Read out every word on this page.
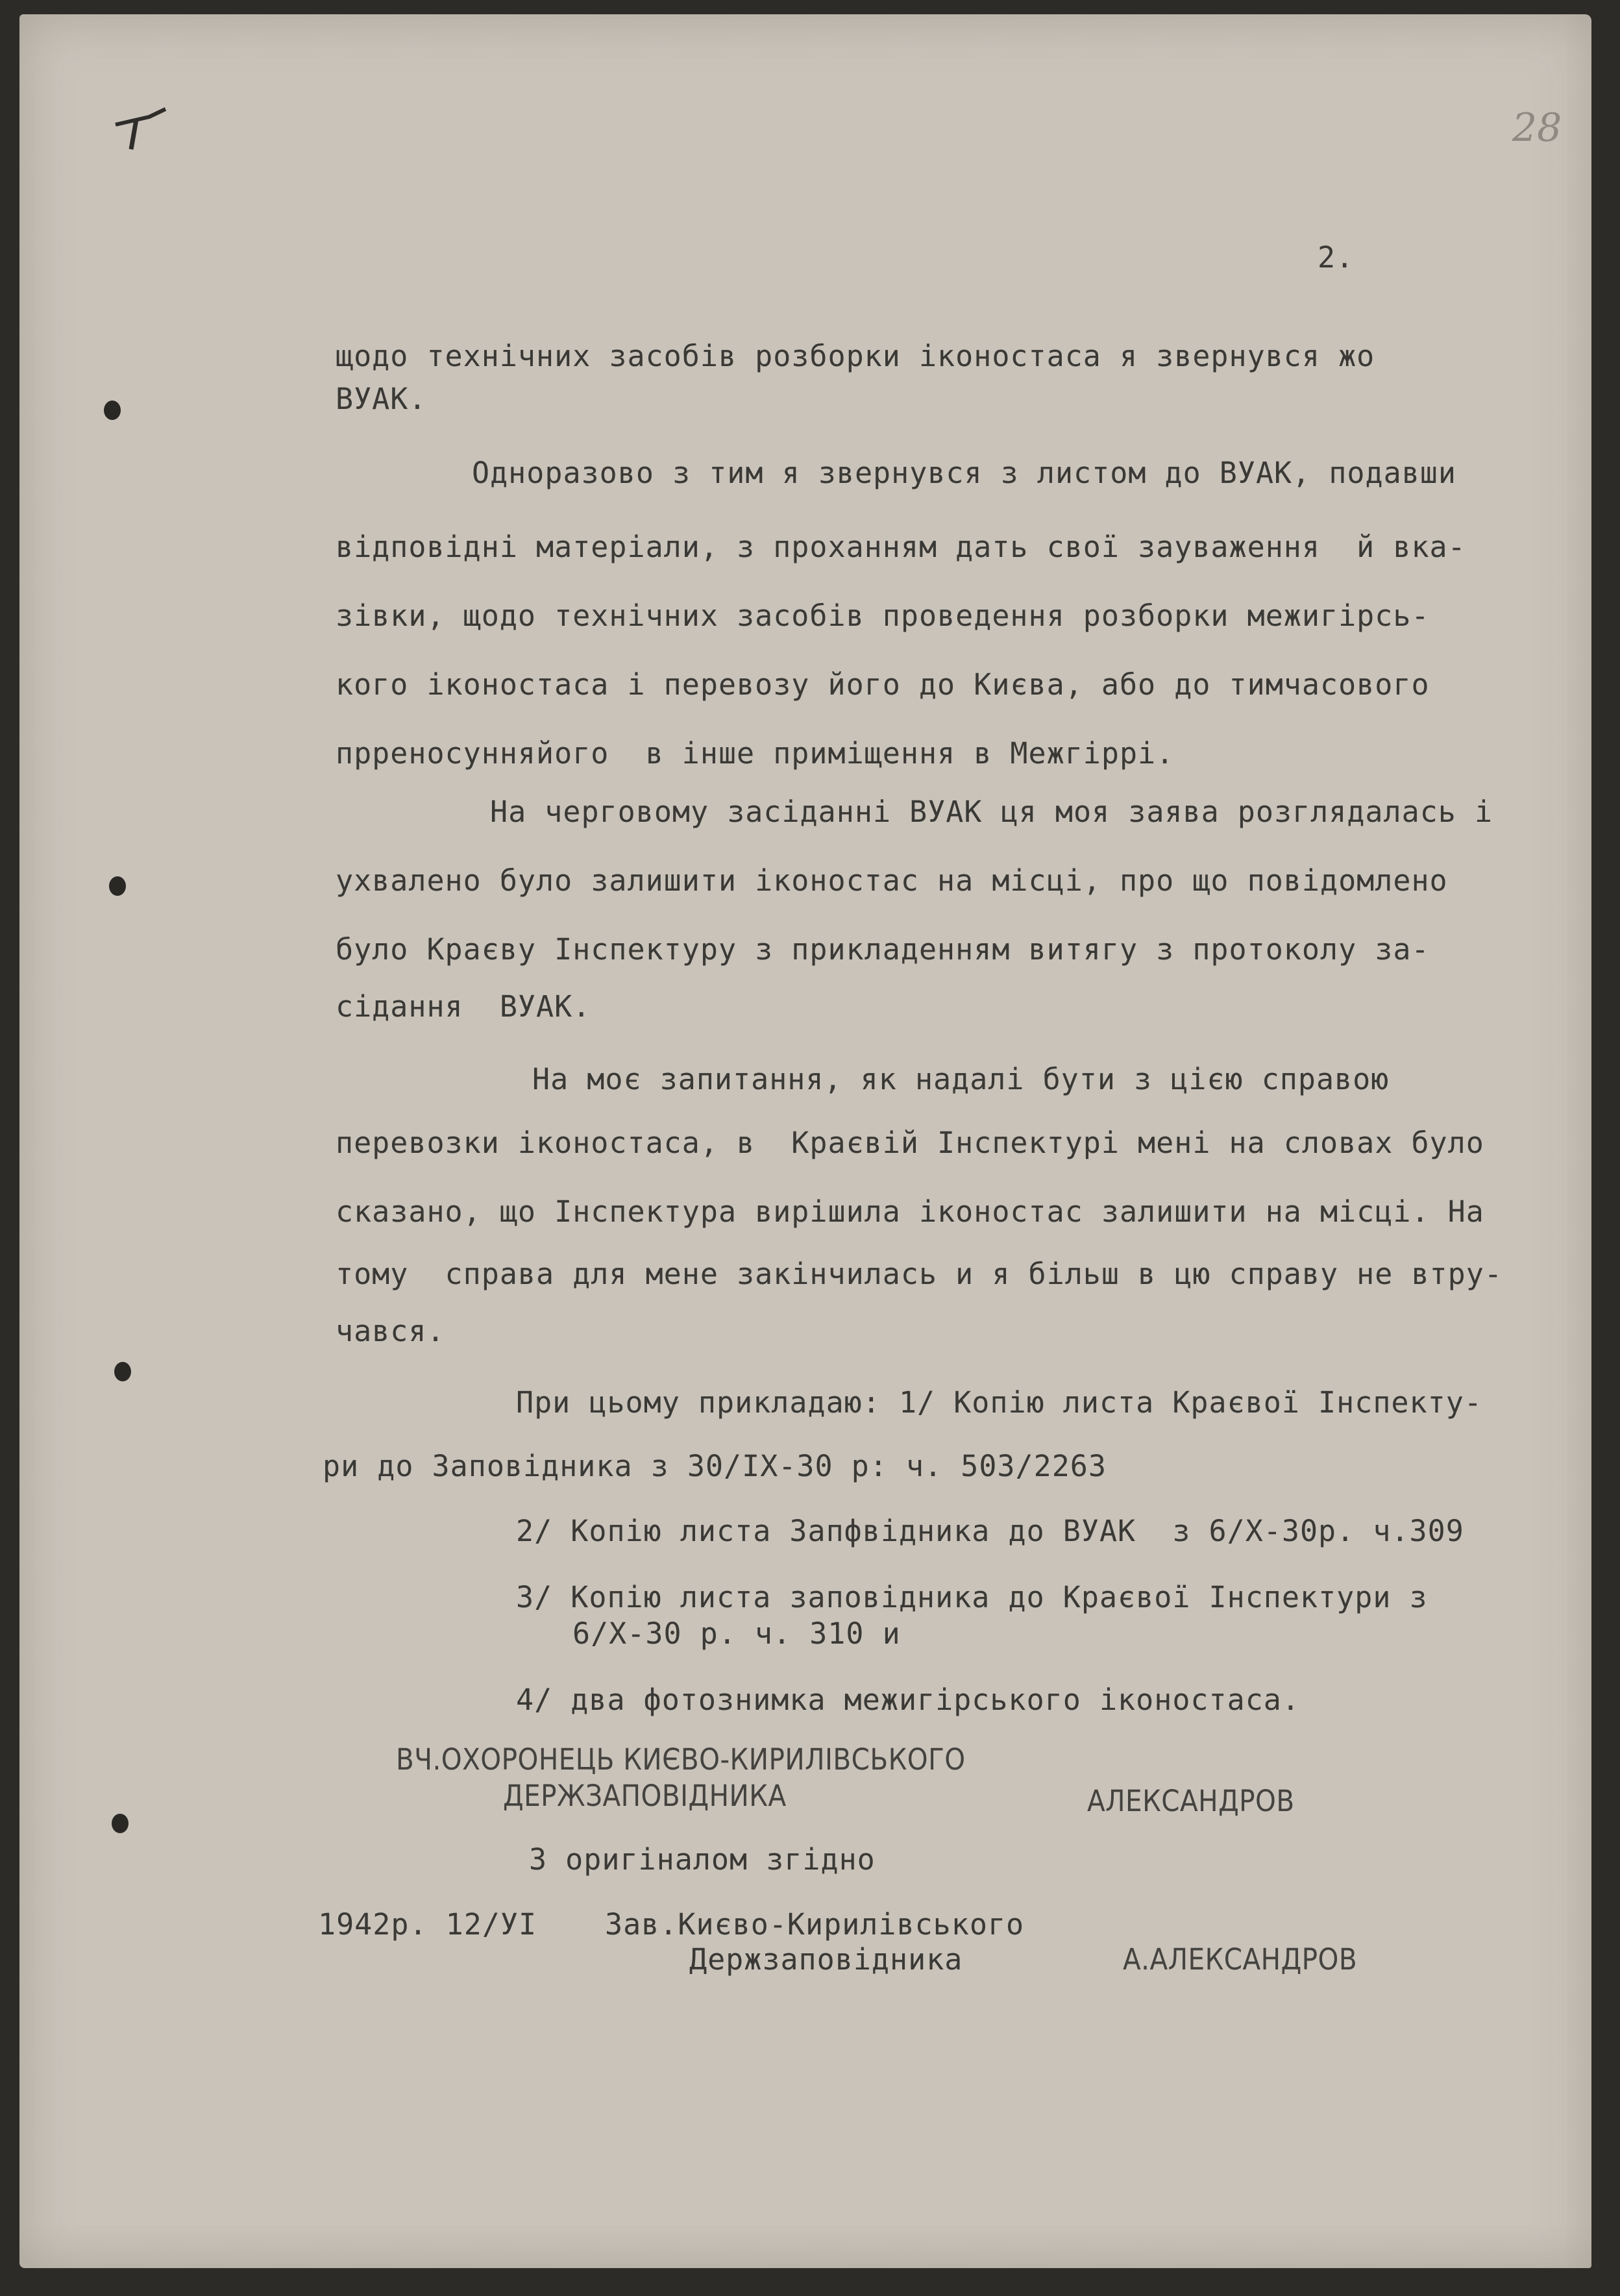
28
2.
щодо технічних засобів розборки іконостаса я звернувся жо
ВУАК.
Одноразово з тим я звернувся з листом до ВУАК, подавши
відповідні матеріали, з проханням дать свої зауваження  й вка-
зівки, щодо технічних засобів проведення розборки межигірсь-
кого іконостаса і перевозу його до Києва, або до тимчасового
прреносунняйого  в інше приміщення в Межгіррі.
На черговому засіданні ВУАК ця моя заява розглядалась і
ухвалено було залишити іконостас на місці, про що повідомлено
було Краєву Інспектуру з прикладенням витягу з протоколу за-
сідання  ВУАК.
На моє запитання, як надалі бути з цією справою
перевозки іконостаса, в  Краєвій Інспектурі мені на словах було
сказано, що Інспектура вирішила іконостас залишити на місці. На
тому  справа для мене закінчилась и я більш в цю справу не втру-
чався.
При цьому прикладаю: 1/ Копію листа Краєвої Інспекту-
ри до Заповідника з 30/ІХ-30 р: ч. 503/2263
2/ Копію листа Запфвідника до ВУАК  з 6/Х-30р. ч.309
3/ Копію листа заповідника до Краєвої Інспектури з
6/Х-30 р. ч. 310 и
4/ два фотознимка межигірського іконостаса.
ВЧ.ОХОРОНЕЦЬ КИЄВО-КИРИЛІВСЬКОГО
ДЕРЖЗАПОВІДНИКА	АЛЕКСАНДРОВ
З оригіналом згідно
1942р. 12/УІ Зав.Києво-Кирилівського
Держзаповідника	А.АЛЕКСАНДРОВ
